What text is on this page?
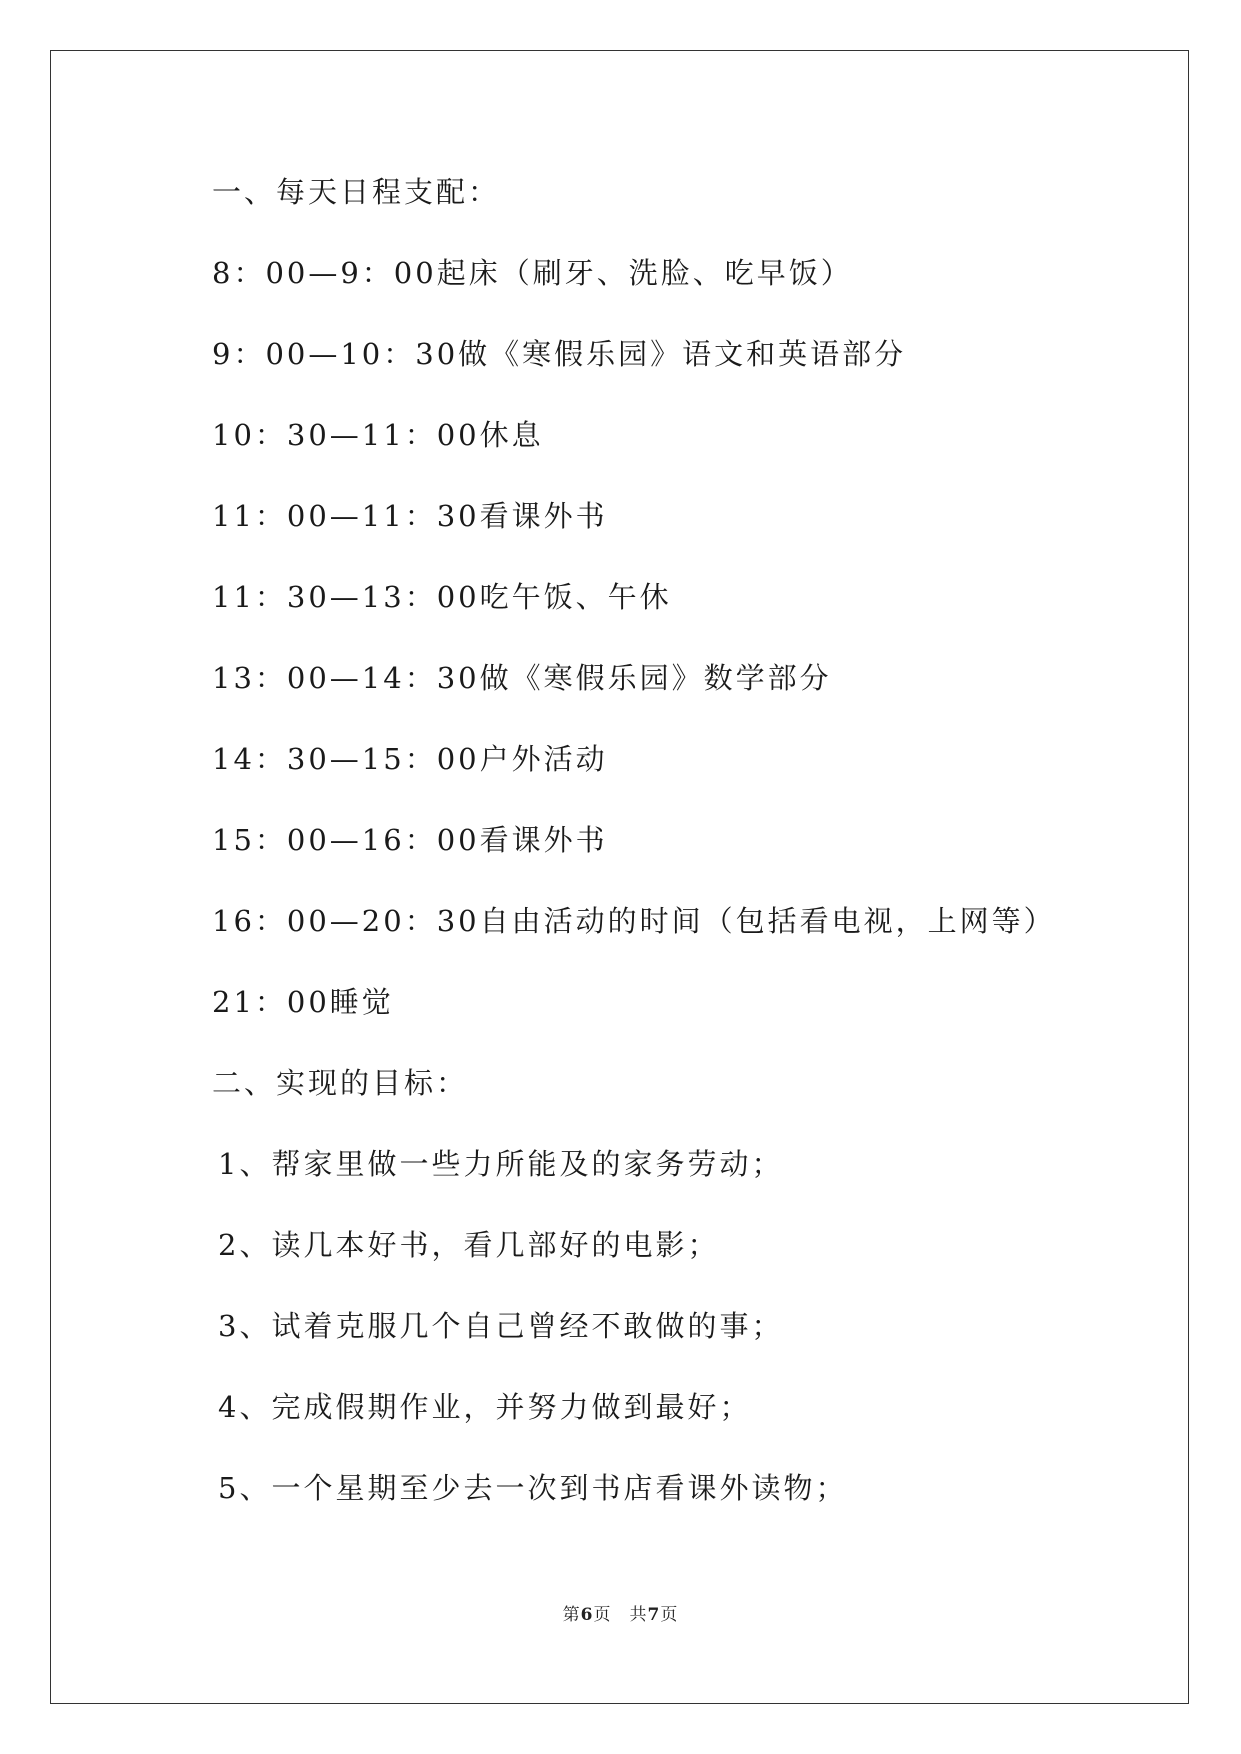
一、每天日程支配：
8：00—9：00起床（刷牙、洗脸、吃早饭）
9：00—10：30做《寒假乐园》语文和英语部分
10：30—11：00休息
11：00—11：30看课外书
11：30—13：00吃午饭、午休
13：00—14：30做《寒假乐园》数学部分
14：30—15：00户外活动
15：00—16：00看课外书
16：00—20：30自由活动的时间（包括看电视，上网等）
21：00睡觉
二、实现的目标：
1、帮家里做一些力所能及的家务劳动；
2、读几本好书，看几部好的电影；
3、试着克服几个自己曾经不敢做的事；
4、完成假期作业，并努力做到最好；
5、一个星期至少去一次到书店看课外读物；
第6页 共7页
